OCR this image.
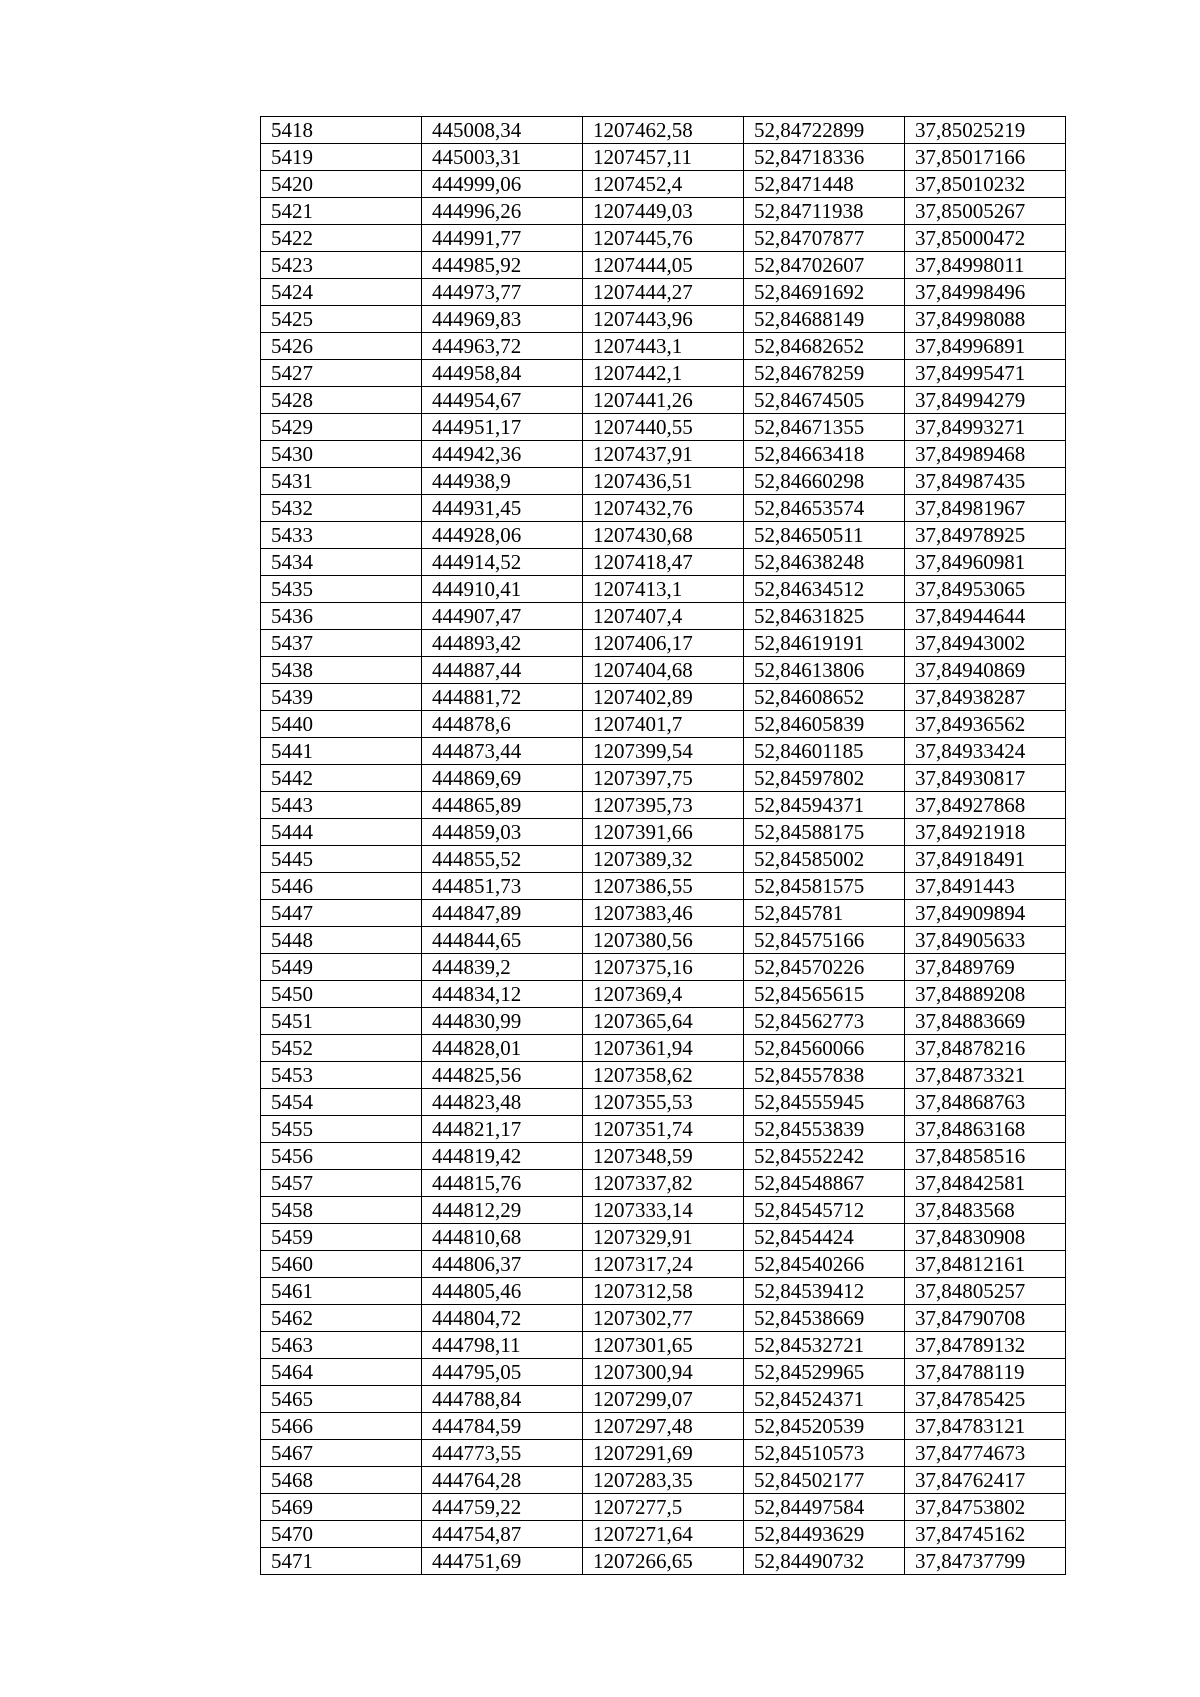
5418	445008,34	1207462,58	52,84722899	37,85025219
5419	445003,31	1207457,11	52,84718336	37,85017166
5420	444999,06	1207452,4	52,8471448	37,85010232
5421	444996,26	1207449,03	52,84711938	37,85005267
5422	444991,77	1207445,76	52,84707877	37,85000472
5423	444985,92	1207444,05	52,84702607	37,84998011
5424	444973,77	1207444,27	52,84691692	37,84998496
5425	444969,83	1207443,96	52,84688149	37,84998088
5426	444963,72	1207443,1	52,84682652	37,84996891
5427	444958,84	1207442,1	52,84678259	37,84995471
5428	444954,67	1207441,26	52,84674505	37,84994279
5429	444951,17	1207440,55	52,84671355	37,84993271
5430	444942,36	1207437,91	52,84663418	37,84989468
5431	444938,9	1207436,51	52,84660298	37,84987435
5432	444931,45	1207432,76	52,84653574	37,84981967
5433	444928,06	1207430,68	52,84650511	37,84978925
5434	444914,52	1207418,47	52,84638248	37,84960981
5435	444910,41	1207413,1	52,84634512	37,84953065
5436	444907,47	1207407,4	52,84631825	37,84944644
5437	444893,42	1207406,17	52,84619191	37,84943002
5438	444887,44	1207404,68	52,84613806	37,84940869
5439	444881,72	1207402,89	52,84608652	37,84938287
5440	444878,6	1207401,7	52,84605839	37,84936562
5441	444873,44	1207399,54	52,84601185	37,84933424
5442	444869,69	1207397,75	52,84597802	37,84930817
5443	444865,89	1207395,73	52,84594371	37,84927868
5444	444859,03	1207391,66	52,84588175	37,84921918
5445	444855,52	1207389,32	52,84585002	37,84918491
5446	444851,73	1207386,55	52,84581575	37,8491443
5447	444847,89	1207383,46	52,845781	37,84909894
5448	444844,65	1207380,56	52,84575166	37,84905633
5449	444839,2	1207375,16	52,84570226	37,8489769
5450	444834,12	1207369,4	52,84565615	37,84889208
5451	444830,99	1207365,64	52,84562773	37,84883669
5452	444828,01	1207361,94	52,84560066	37,84878216
5453	444825,56	1207358,62	52,84557838	37,84873321
5454	444823,48	1207355,53	52,84555945	37,84868763
5455	444821,17	1207351,74	52,84553839	37,84863168
5456	444819,42	1207348,59	52,84552242	37,84858516
5457	444815,76	1207337,82	52,84548867	37,84842581
5458	444812,29	1207333,14	52,84545712	37,8483568
5459	444810,68	1207329,91	52,8454424	37,84830908
5460	444806,37	1207317,24	52,84540266	37,84812161
5461	444805,46	1207312,58	52,84539412	37,84805257
5462	444804,72	1207302,77	52,84538669	37,84790708
5463	444798,11	1207301,65	52,84532721	37,84789132
5464	444795,05	1207300,94	52,84529965	37,84788119
5465	444788,84	1207299,07	52,84524371	37,84785425
5466	444784,59	1207297,48	52,84520539	37,84783121
5467	444773,55	1207291,69	52,84510573	37,84774673
5468	444764,28	1207283,35	52,84502177	37,84762417
5469	444759,22	1207277,5	52,84497584	37,84753802
5470	444754,87	1207271,64	52,84493629	37,84745162
5471	444751,69	1207266,65	52,84490732	37,84737799
